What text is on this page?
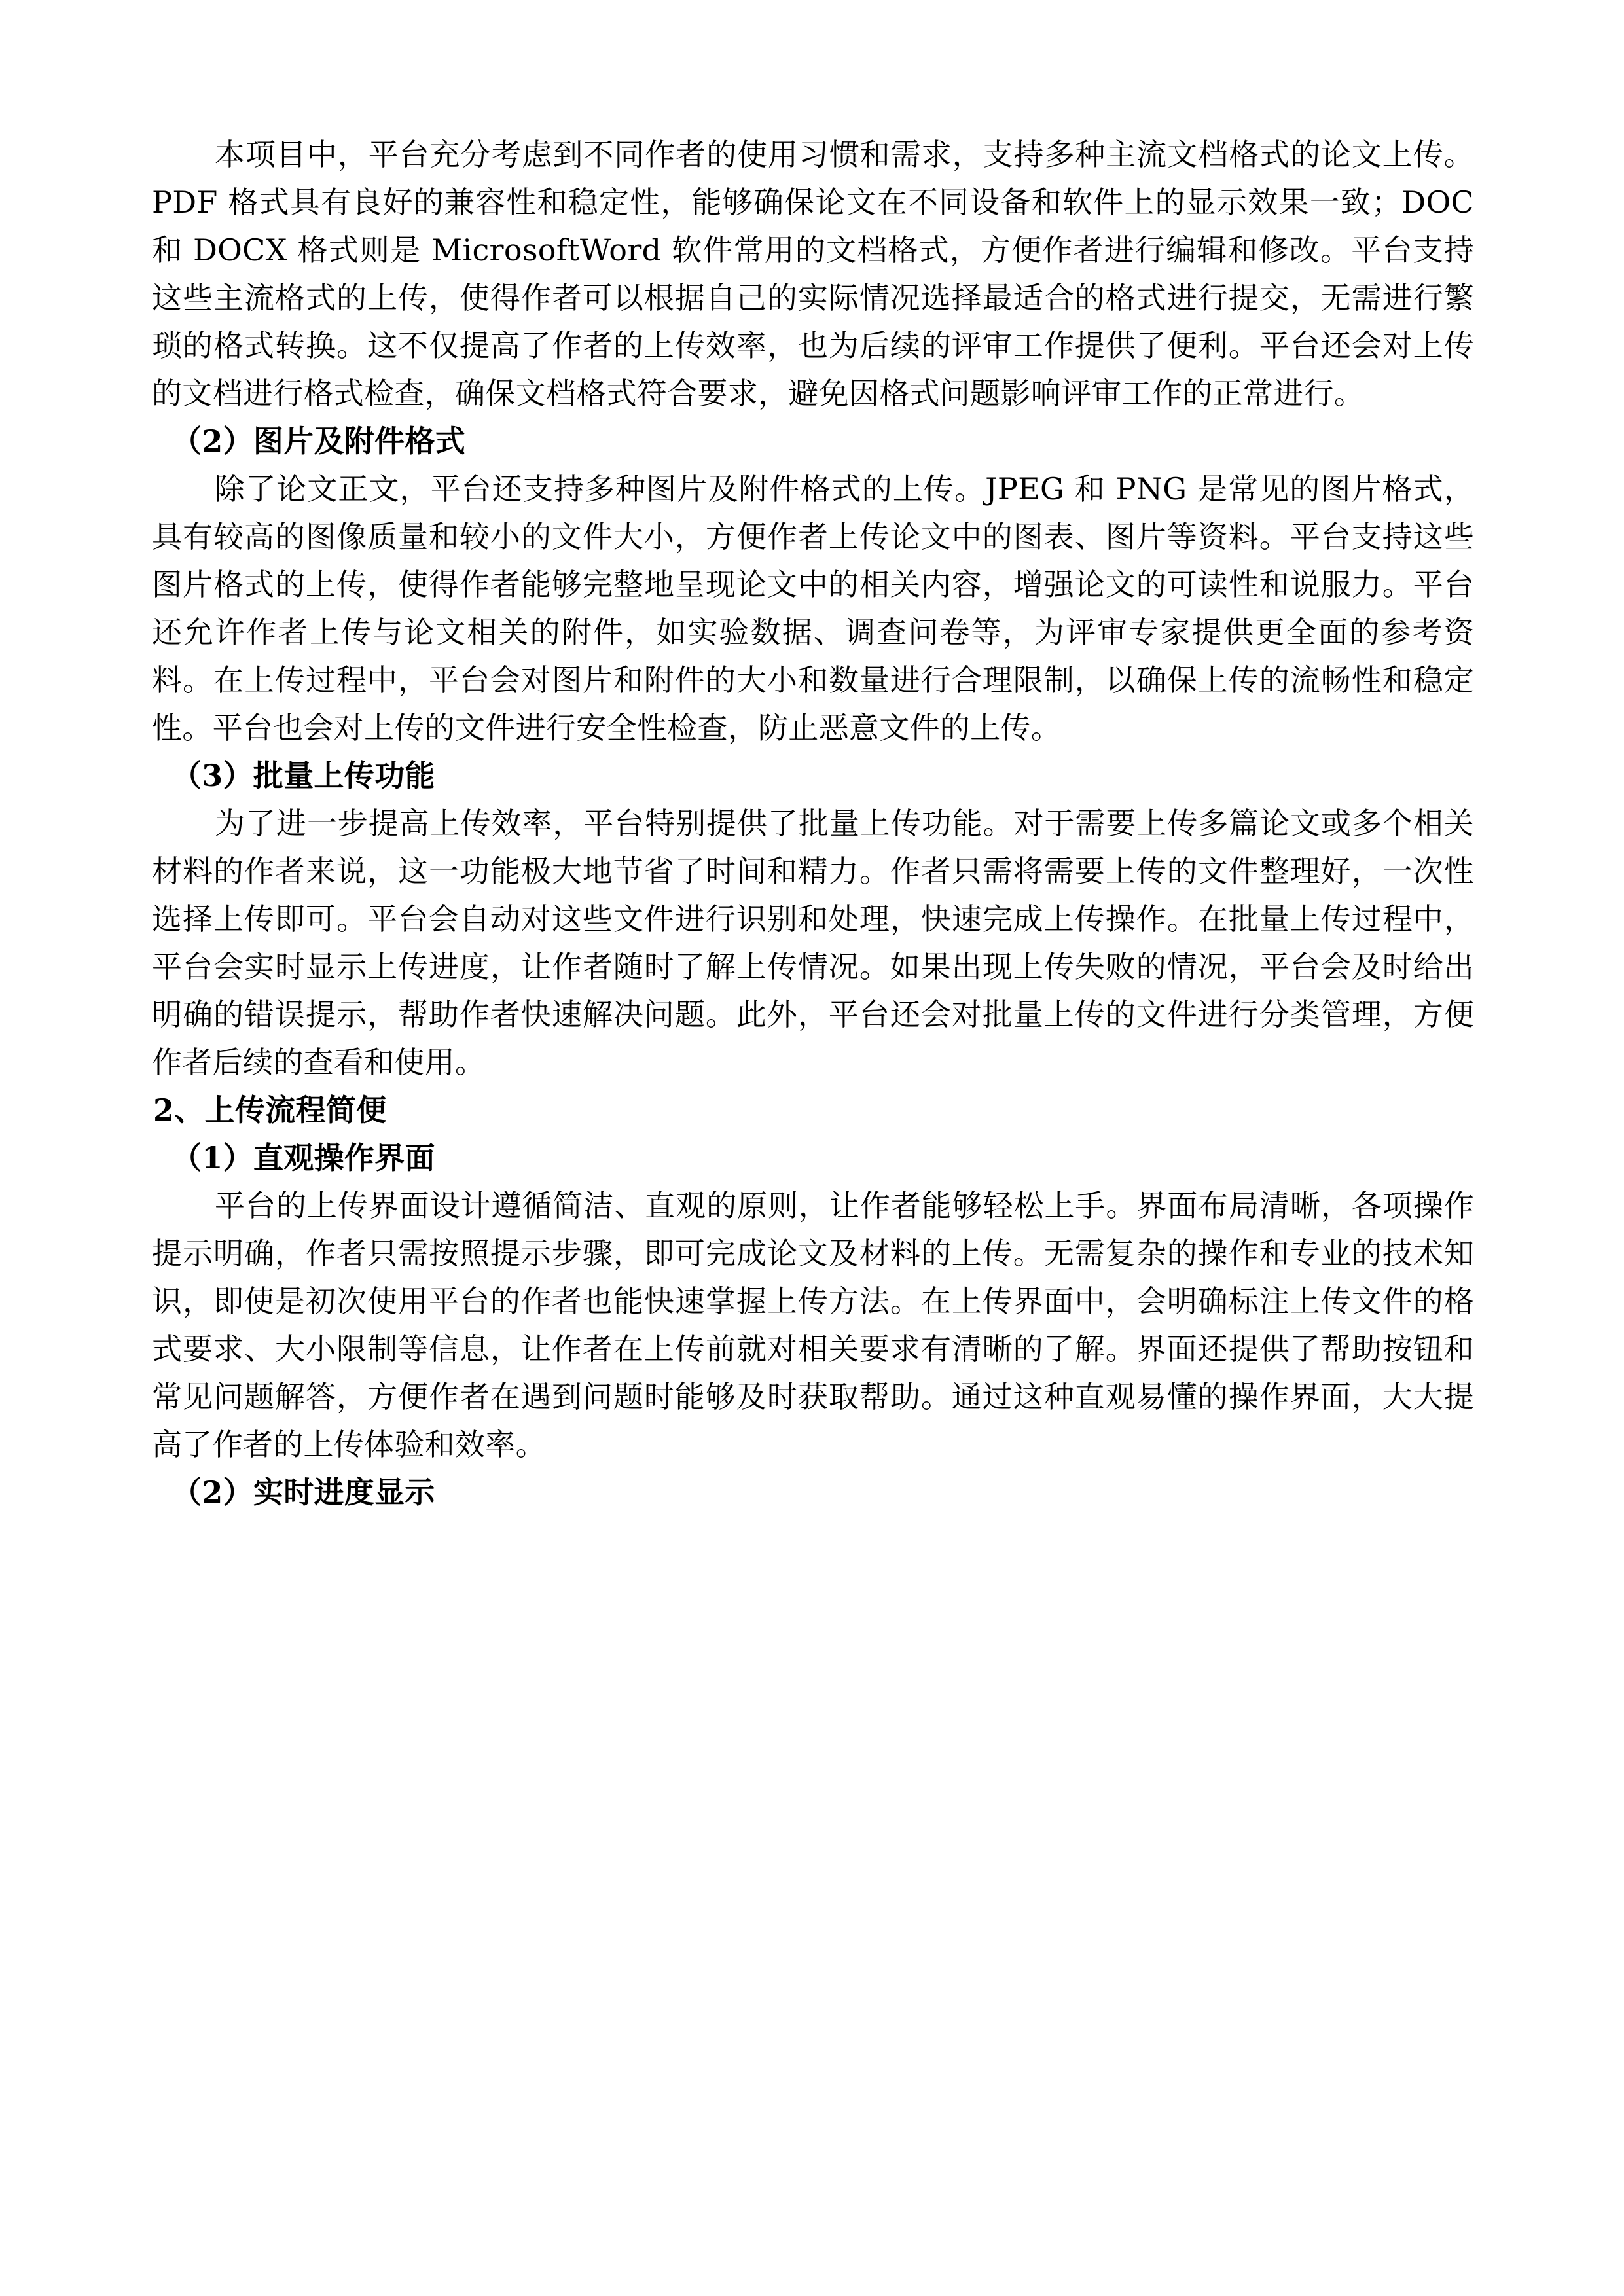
本项目中，平台充分考虑到不同作者的使用习惯和需求，支持多种主流文档格式的论文上传。PDF 格式具有良好的兼容性和稳定性，能够确保论文在不同设备和软件上的显示效果一致；DOC 和 DOCX 格式则是 MicrosoftWord 软件常用的文档格式，方便作者进行编辑和修改。平台支持这些主流格式的上传，使得作者可以根据自己的实际情况选择最适合的格式进行提交，无需进行繁琐的格式转换。这不仅提高了作者的上传效率，也为后续的评审工作提供了便利。平台还会对上传的文档进行格式检查，确保文档格式符合要求，避免因格式问题影响评审工作的正常进行。

（2）图片及附件格式

除了论文正文，平台还支持多种图片及附件格式的上传。JPEG 和 PNG 是常见的图片格式，具有较高的图像质量和较小的文件大小，方便作者上传论文中的图表、图片等资料。平台支持这些图片格式的上传，使得作者能够完整地呈现论文中的相关内容，增强论文的可读性和说服力。平台还允许作者上传与论文相关的附件，如实验数据、调查问卷等，为评审专家提供更全面的参考资料。在上传过程中，平台会对图片和附件的大小和数量进行合理限制，以确保上传的流畅性和稳定性。平台也会对上传的文件进行安全性检查，防止恶意文件的上传。

（3）批量上传功能

为了进一步提高上传效率，平台特别提供了批量上传功能。对于需要上传多篇论文或多个相关材料的作者来说，这一功能极大地节省了时间和精力。作者只需将需要上传的文件整理好，一次性选择上传即可。平台会自动对这些文件进行识别和处理，快速完成上传操作。在批量上传过程中，平台会实时显示上传进度，让作者随时了解上传情况。如果出现上传失败的情况，平台会及时给出明确的错误提示，帮助作者快速解决问题。此外，平台还会对批量上传的文件进行分类管理，方便作者后续的查看和使用。

2、上传流程简便

（1）直观操作界面

平台的上传界面设计遵循简洁、直观的原则，让作者能够轻松上手。界面布局清晰，各项操作提示明确，作者只需按照提示步骤，即可完成论文及材料的上传。无需复杂的操作和专业的技术知识，即使是初次使用平台的作者也能快速掌握上传方法。在上传界面中，会明确标注上传文件的格式要求、大小限制等信息，让作者在上传前就对相关要求有清晰的了解。界面还提供了帮助按钮和常见问题解答，方便作者在遇到问题时能够及时获取帮助。通过这种直观易懂的操作界面，大大提高了作者的上传体验和效率。

（2）实时进度显示
